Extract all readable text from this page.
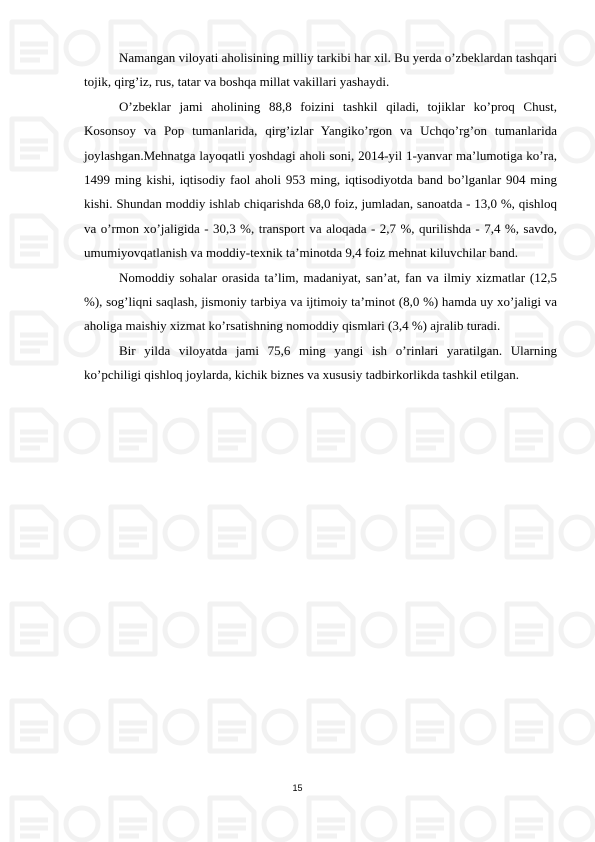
Namangan viloyati aholisining milliy tarkibi har xil. Bu yerda o’zbeklardan tashqari tojik, qirg’iz, rus, tatar va boshqa millat vakillari yashaydi.

O’zbeklar jami aholining 88,8 foizini tashkil qiladi, tojiklar ko’proq Chust, Kosonsoy va Pop tumanlarida, qirg’izlar Yangiko’rgon va Uchqo’rg’on tumanlarida joylashgan.Mehnatga layoqatli yoshdagi aholi soni, 2014-yil 1-yanvar ma’lumotiga ko’ra, 1499 ming kishi, iqtisodiy faol aholi 953 ming, iqtisodiyotda band bo’lganlar 904 ming kishi. Shundan moddiy ishlab chiqarishda 68,0 foiz, jumladan, sanoatda - 13,0 %, qishloq va o’rmon xo’jaligida - 30,3 %, transport va aloqada - 2,7 %, qurilishda - 7,4 %, savdo, umumiyovqatlanish va moddiy-texnik ta’minotda 9,4 foiz mehnat kiluvchilar band.

Nomoddiy sohalar orasida ta’lim, madaniyat, san’at, fan va ilmiy xizmatlar (12,5 %), sog’liqni saqlash, jismoniy tarbiya va ijtimoiy ta’minot (8,0 %) hamda uy xo’jaligi va aholiga maishiy xizmat ko’rsatishning nomoddiy qismlari (3,4 %) ajralib turadi.

Bir yilda viloyatda jami 75,6 ming yangi ish o’rinlari yaratilgan. Ularning ko’pchiligi qishloq joylarda, kichik biznes va xususiy tadbirkorlikda tashkil etilgan.

15
